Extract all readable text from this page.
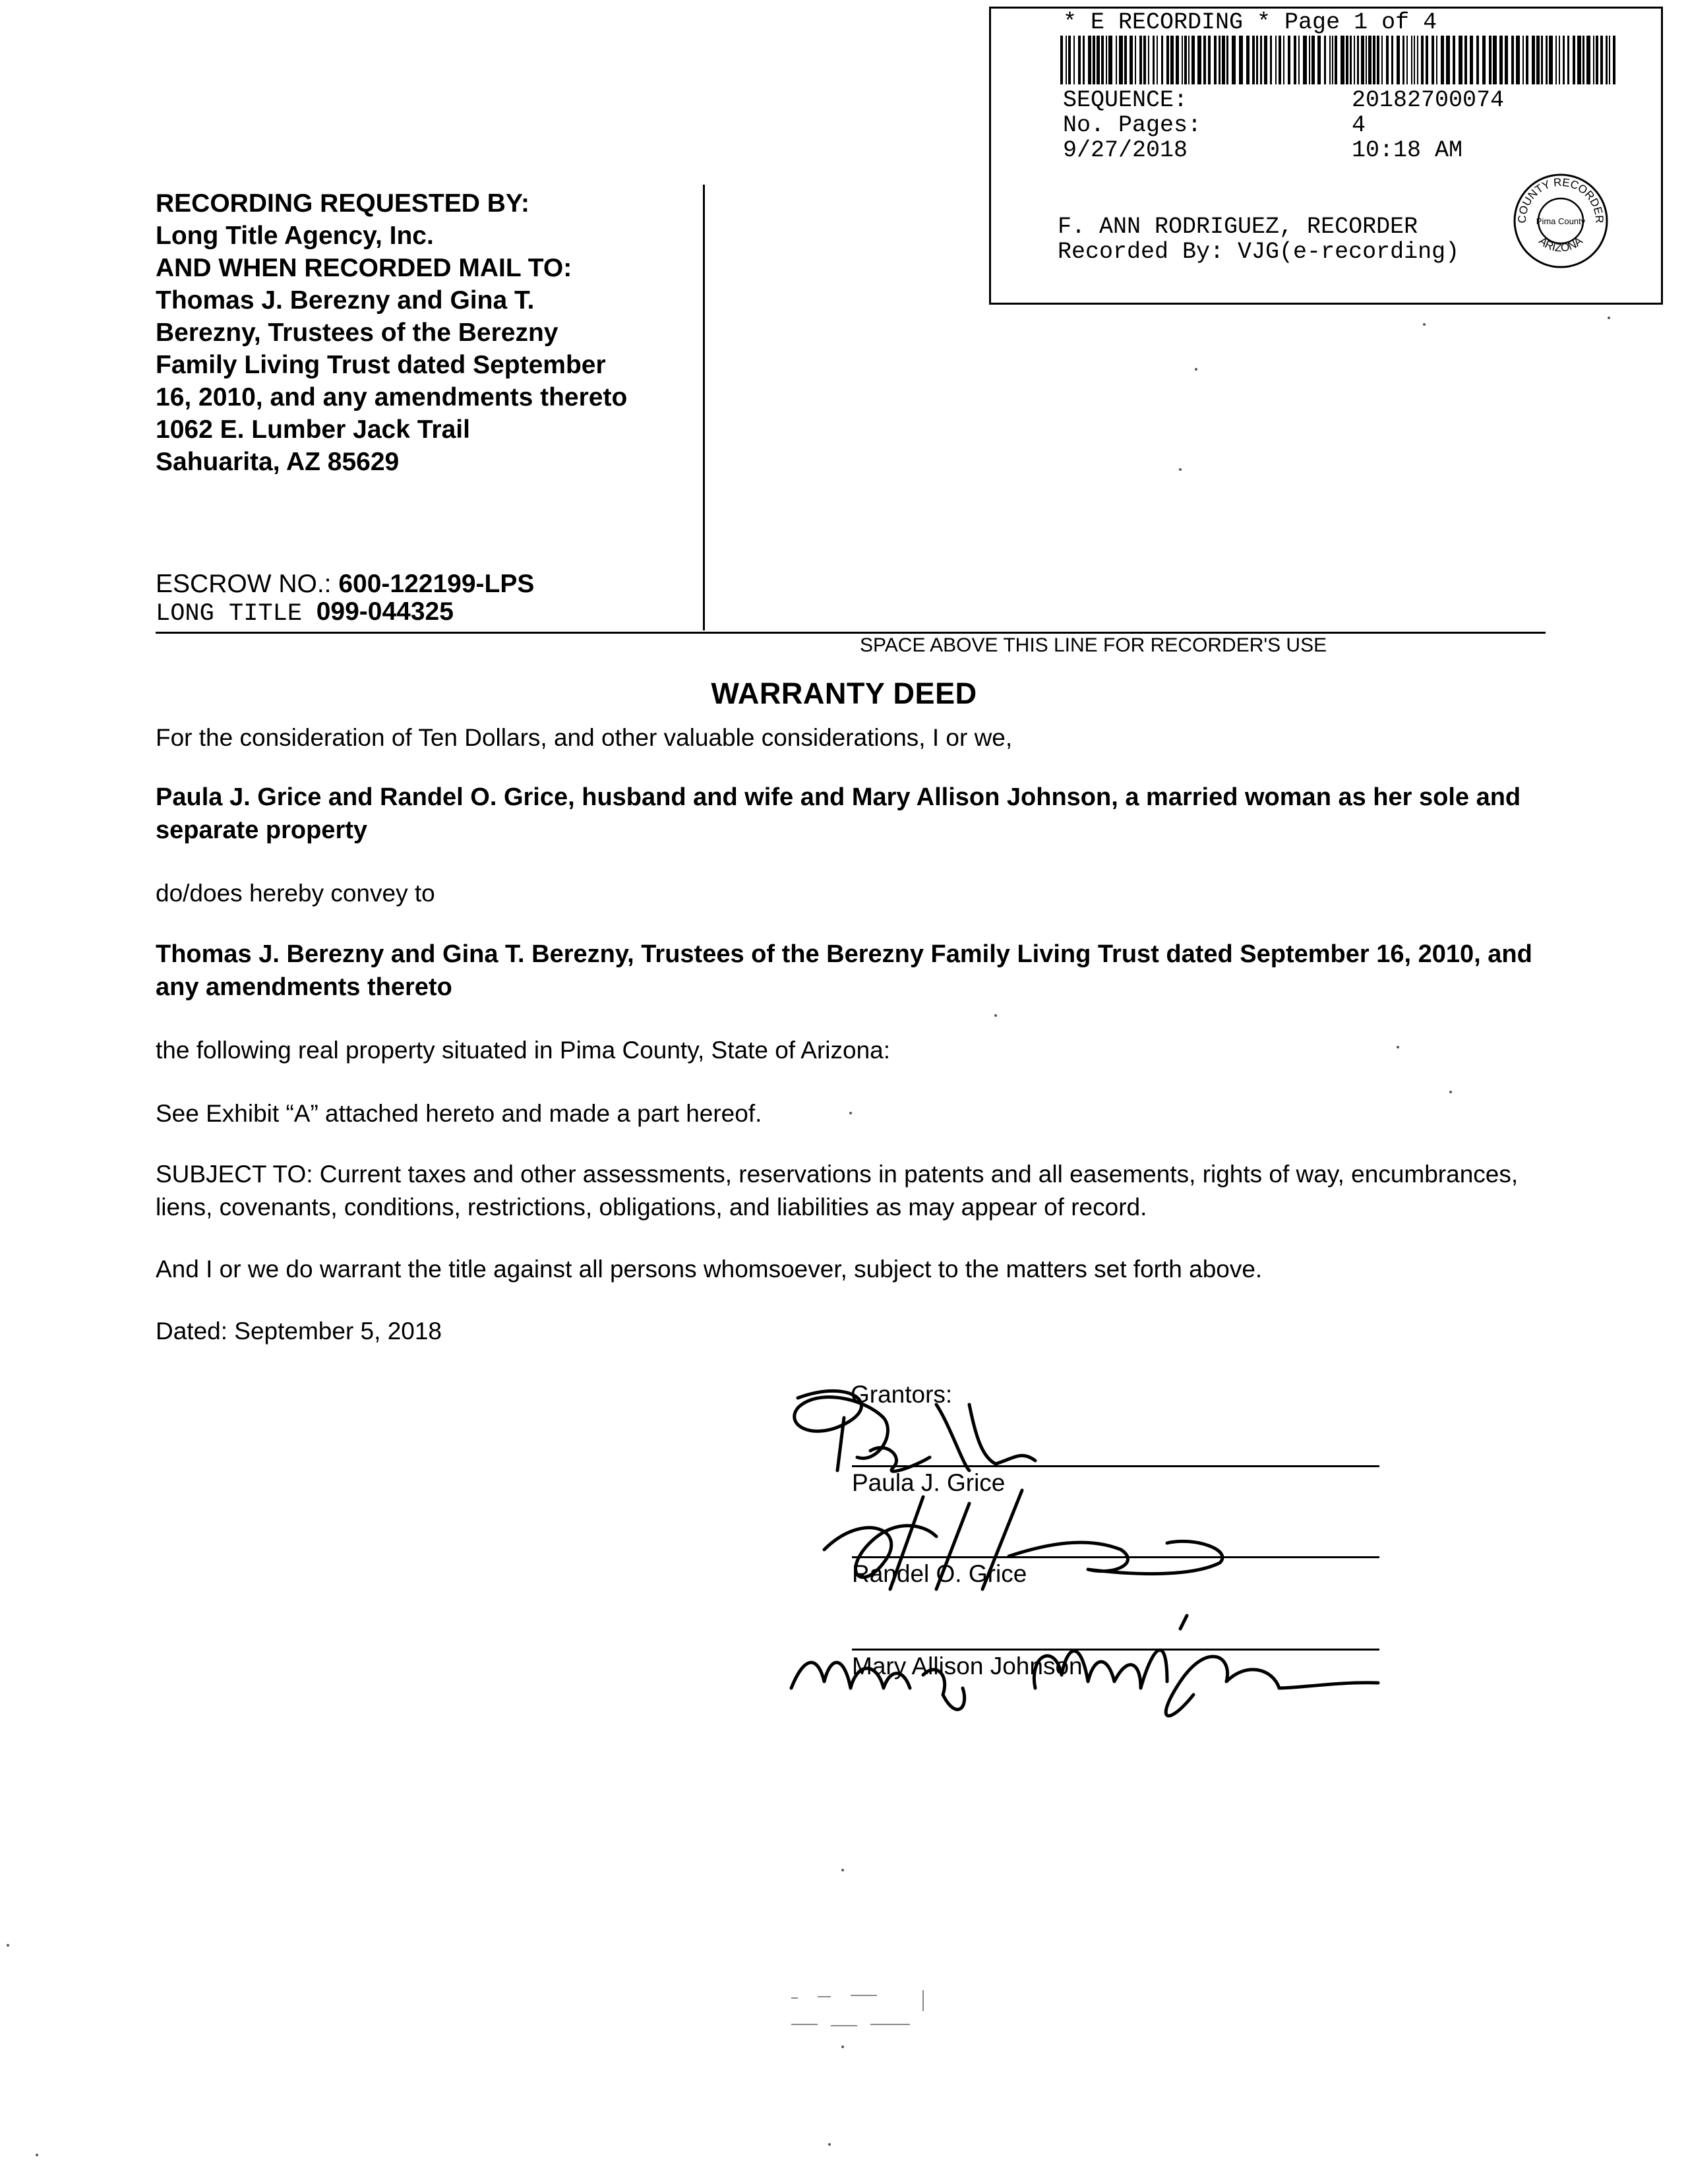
* E RECORDING * Page 1 of 4
SEQUENCE:	20182700074
No. Pages:	4
9/27/2018	10:18 AM
F. ANN RODRIGUEZ, RECORDER
Recorded By: VJG(e-recording)
COUNTY RECORDER
Pima County
ARIZONA
RECORDING REQUESTED BY:
Long Title Agency, Inc.
AND WHEN RECORDED MAIL TO:
Thomas J. Berezny and Gina T.
Berezny, Trustees of the Berezny
Family Living Trust dated September
16, 2010, and any amendments thereto
1062 E. Lumber Jack Trail
Sahuarita, AZ 85629
ESCROW NO.: 600-122199-LPS
LONG TITLE 099-044325
SPACE ABOVE THIS LINE FOR RECORDER'S USE
WARRANTY DEED
For the consideration of Ten Dollars, and other valuable considerations, I or we,
Paula J. Grice and Randel O. Grice, husband and wife and Mary Allison Johnson, a married woman as her sole and separate property
do/does hereby convey to
Thomas J. Berezny and Gina T. Berezny, Trustees of the Berezny Family Living Trust dated September 16, 2010, and any amendments thereto
the following real property situated in Pima County, State of Arizona:
See Exhibit “A” attached hereto and made a part hereof.
SUBJECT TO: Current taxes and other assessments, reservations in patents and all easements, rights of way, encumbrances, liens, covenants, conditions, restrictions, obligations, and liabilities as may appear of record.
And I or we do warrant the title against all persons whomsoever, subject to the matters set forth above.
Dated: September 5, 2018
Grantors:
Paula J. Grice
Randel O. Grice
Mary Allison Johnson
